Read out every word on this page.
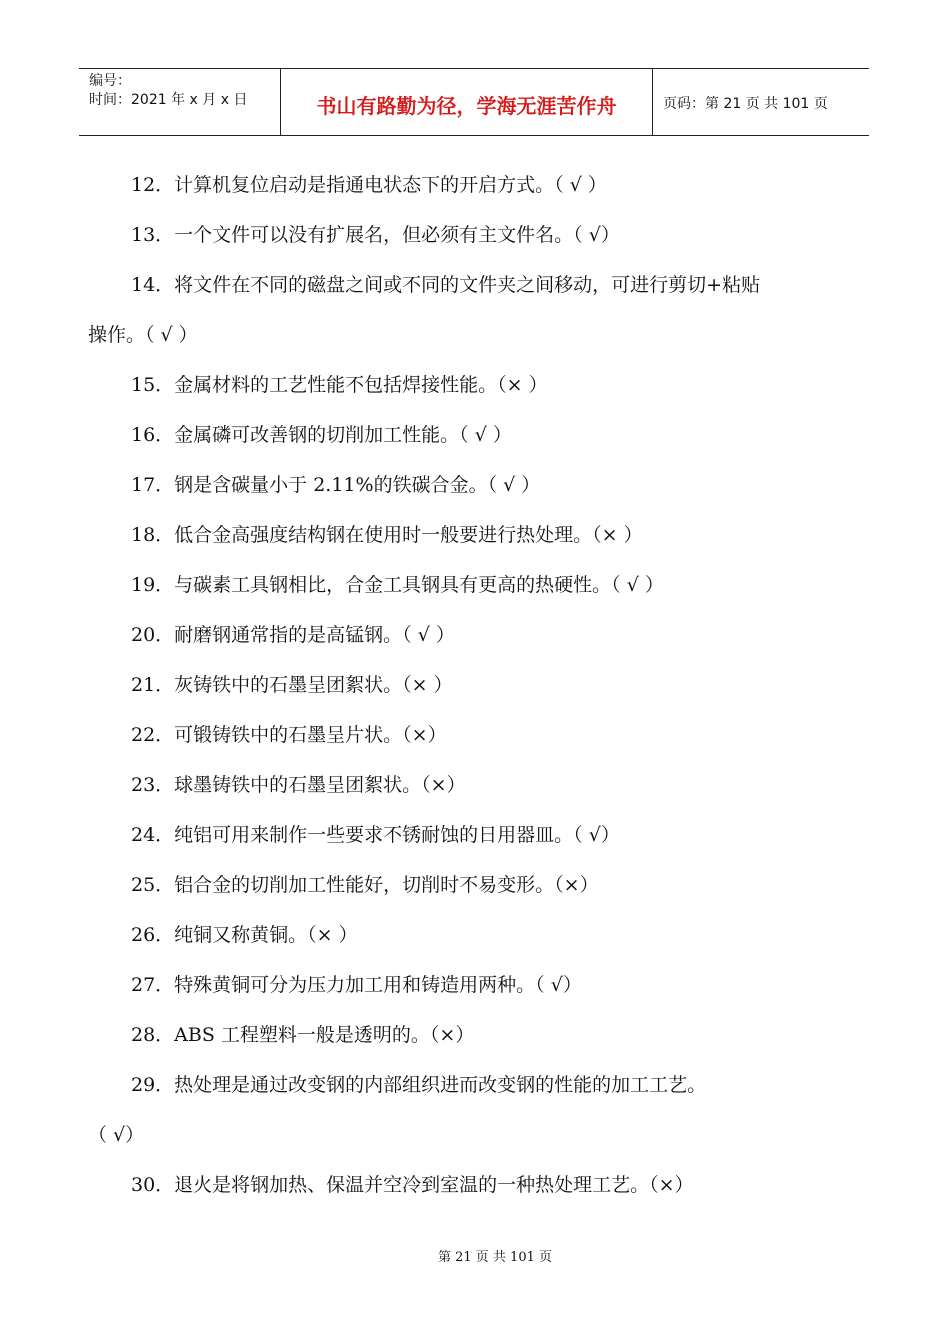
编号：
时间：2021 年 x 月 x 日	书山有路勤为径，学海无涯苦作舟	页码：第 21 页 共 101 页
12．计算机复位启动是指通电状态下的开启方式。（ √ ）
13．一个文件可以没有扩展名，但必须有主文件名。（ √）
14．将文件在不同的磁盘之间或不同的文件夹之间移动，可进行剪切+粘贴
操作。（ √ ）
15．金属材料的工艺性能不包括焊接性能。（× ）
16．金属磷可改善钢的切削加工性能。（ √ ）
17．钢是含碳量小于 2.11%的铁碳合金。（ √ ）
18．低合金高强度结构钢在使用时一般要进行热处理。（× ）
19．与碳素工具钢相比，合金工具钢具有更高的热硬性。（ √ ）
20．耐磨钢通常指的是高锰钢。（ √ ）
21．灰铸铁中的石墨呈团絮状。（× ）
22．可锻铸铁中的石墨呈片状。（×）
23．球墨铸铁中的石墨呈团絮状。（×）
24．纯铝可用来制作一些要求不锈耐蚀的日用器皿。（ √）
25．铝合金的切削加工性能好，切削时不易变形。（×）
26．纯铜又称黄铜。（× ）
27．特殊黄铜可分为压力加工用和铸造用两种。（ √）
28．ABS 工程塑料一般是透明的。（×）
29．热处理是通过改变钢的内部组织进而改变钢的性能的加工工艺。
（ √）
30．退火是将钢加热、保温并空冷到室温的一种热处理工艺。（×）
第 21 页 共 101 页
